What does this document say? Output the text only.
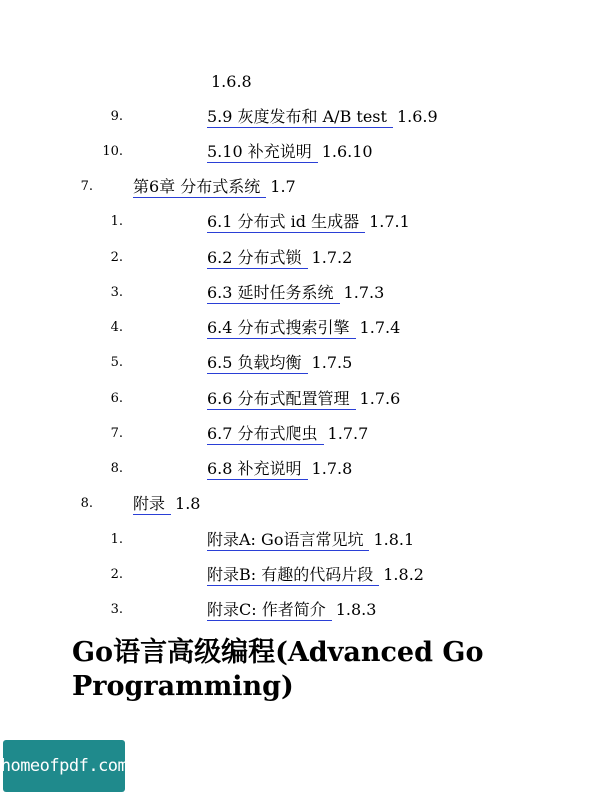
1.6.8
9.	5.9 灰度发布和 A/B test 1.6.9
10.	5.10 补充说明 1.6.10
7.	第6章 分布式系统 1.7
1.	6.1 分布式 id 生成器 1.7.1
2.	6.2 分布式锁 1.7.2
3.	6.3 延时任务系统 1.7.3
4.	6.4 分布式搜索引擎 1.7.4
5.	6.5 负载均衡 1.7.5
6.	6.6 分布式配置管理 1.7.6
7.	6.7 分布式爬虫 1.7.7
8.	6.8 补充说明 1.7.8
8.	附录 1.8
1.	附录A: Go语言常见坑 1.8.1
2.	附录B: 有趣的代码片段 1.8.2
3.	附录C: 作者简介 1.8.3
Go语言高级编程(Advanced Go Programming)
homeofpdf.com
